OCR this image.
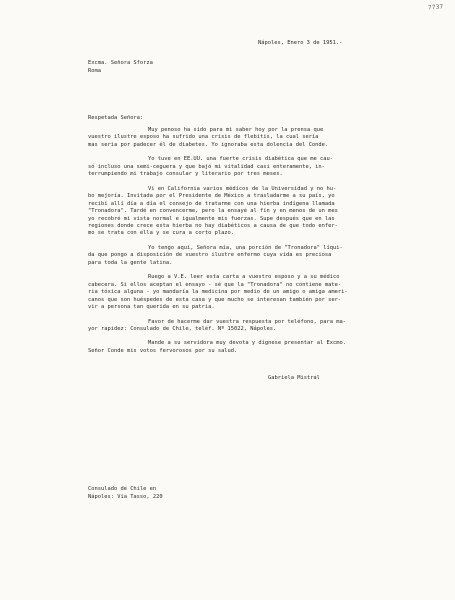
7737
Nápoles, Enero 3 de 1951.-
Excma. Señora Sforza
Roma
Respetada Señora:
Muy penoso ha sido para mi saber hoy por la prensa que
vuestro ilustre esposo ha sufrido una crisis de flebitis, la cual sería
mas seria por padecer él de diabetes. Yo ignoraba esta dolencia del Conde.
Yo tuve en EE.UU. una fuerte crisis diabética que me cau-
só incluso una semi-ceguera y que bajó mi vitalidad casi enteramente, in-
terrumpiendo mi trabajo consular y literario por tres meses.
Vi en California varios médicos de la Universidad y no hu-
bo mejoría. Invitada por el Presidente de México a trasladarme a su país, yo
recibí allí día a día el consejo de tratarme con una hierba indígena llamada
"Tronadora". Tardé en convencerme, pero la ensayé al fin y en menos de un mes
yo recobré mi vista normal e igualmente mis fuerzas. Supe después que en las
regiones donde crece esta hierba no hay diabéticos a causa de que todo enfer-
mo se trata con ella y se cura a corto plazo.
Yo tengo aquí, Señora mía, una porción de "Tronadora" líqui-
da que pongo a disposición de vuestro ilustre enfermo cuya vida es preciosa
para toda la gente latina.
Ruego a V.E. leer esta carta a vuestro esposo y a su médico
cabecera. Si ellos aceptan el ensayo - sé que la "Tronadora" no contiene mate-
ria tóxica alguna - yo mandaría la medicina por medio de un amigo o amiga ameri-
canos que son huéspedes de esta casa y que mucho se interesan también por ser-
vir a persona tan querida en su patria.
Favor de hacerme dar vuestra respuesta por teléfono, para ma-
yor rapidez: Consulado de Chile, teléf. Nº 15022, Nápoles.
Mande a su servidora muy devota y dígnese presentar al Excmo.
Señor Conde mis votos fervorosos por su salud.
Gabriela Mistral
Consulado de Chile en
Nápoles: Via Tasso, 220
